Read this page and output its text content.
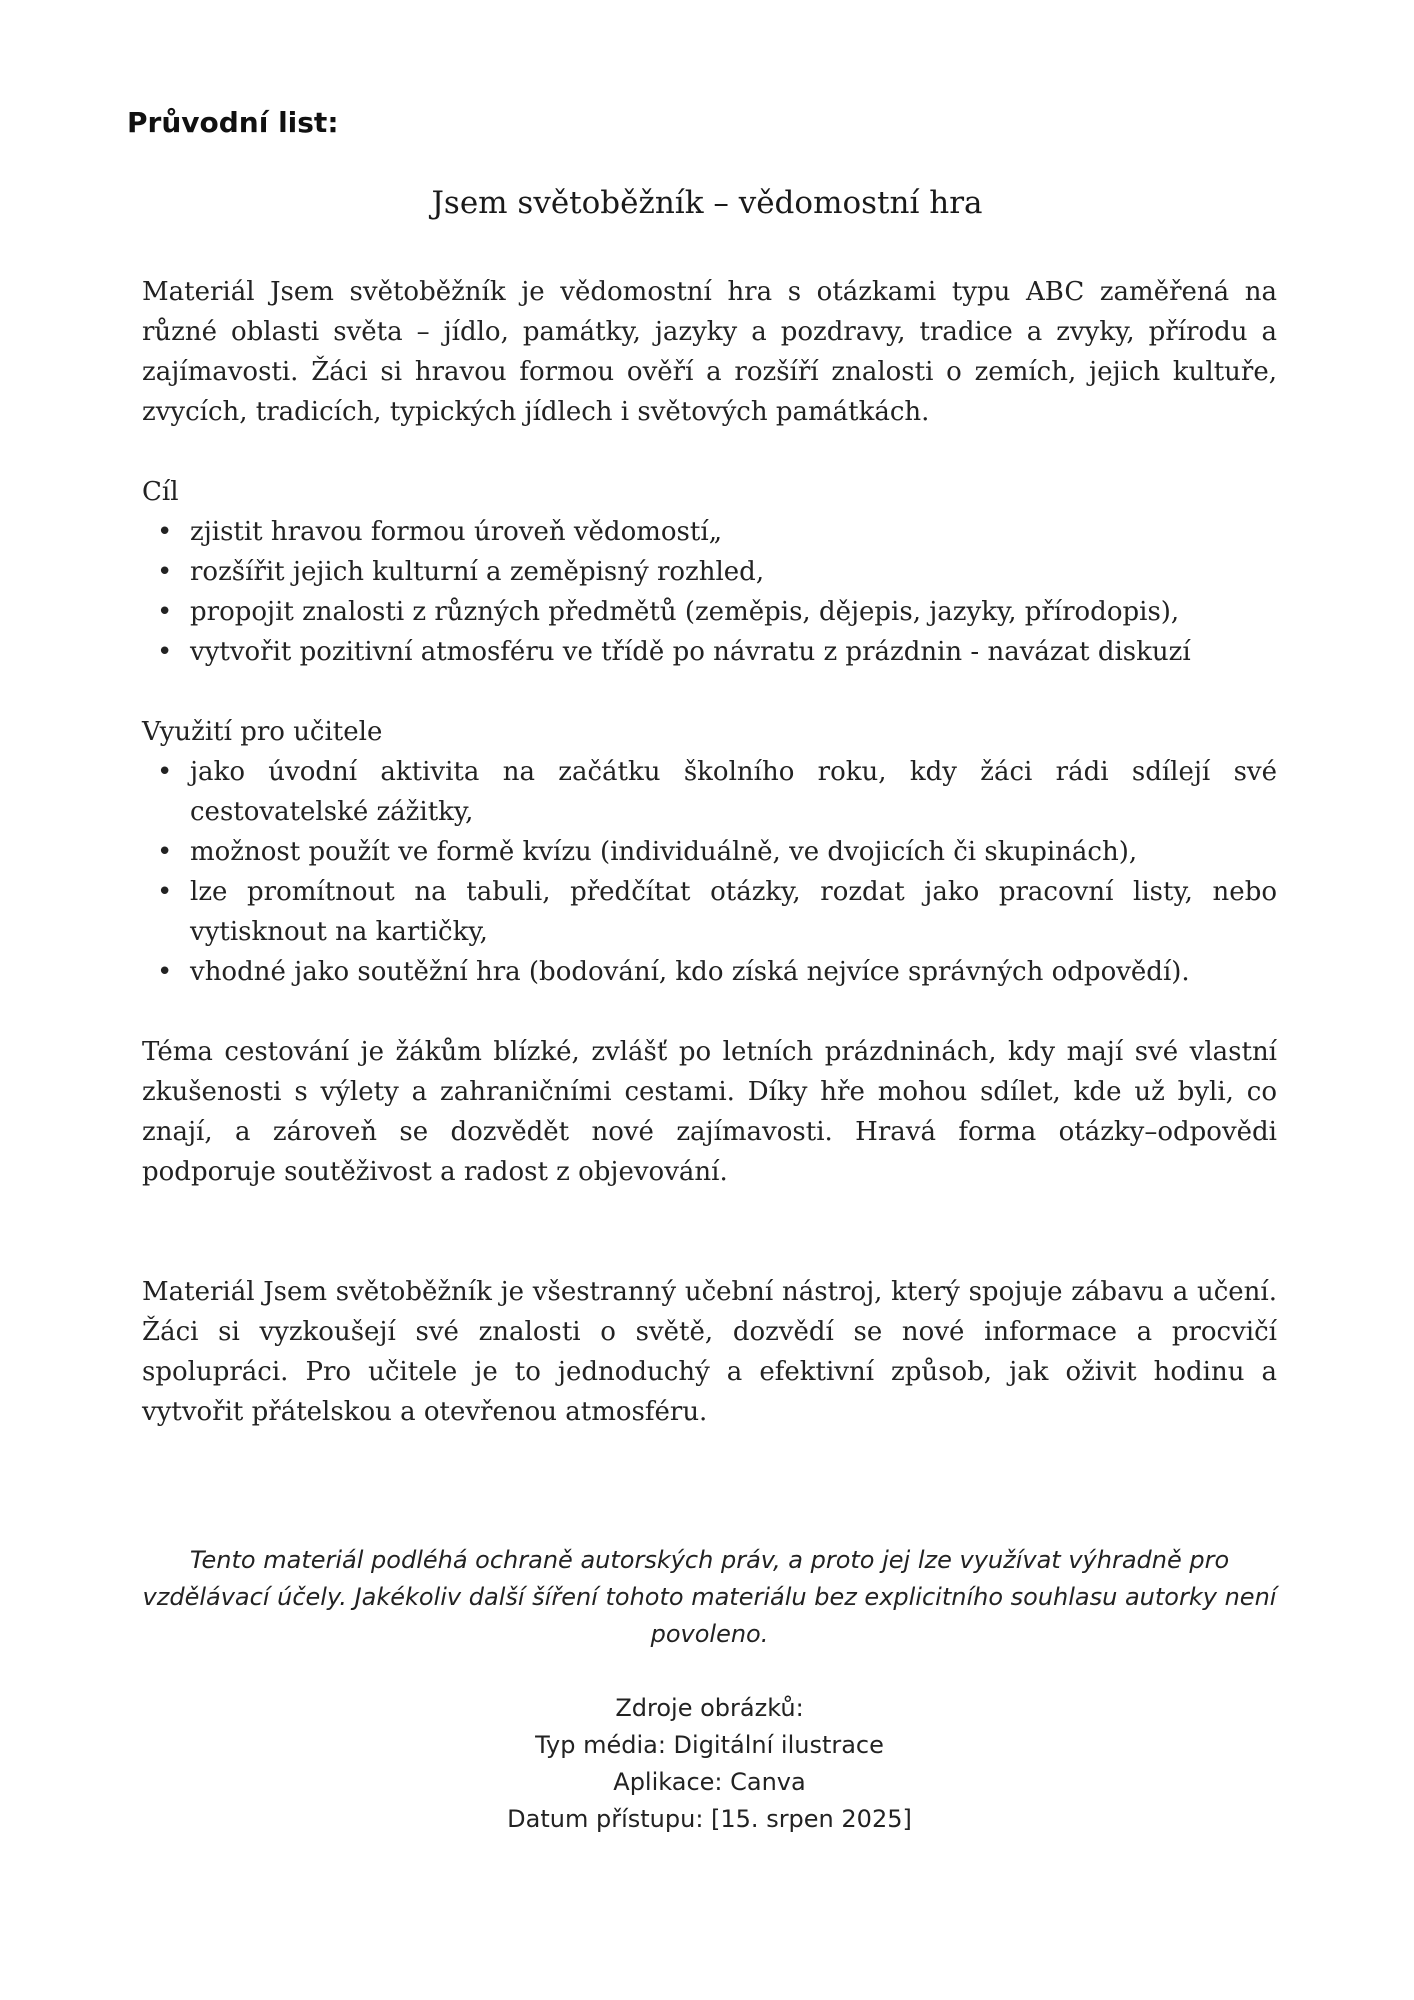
Průvodní list:
Jsem světoběžník – vědomostní hra

Materiál Jsem světoběžník je vědomostní hra s otázkami typu ABC zaměřená na různé oblasti světa – jídlo, památky, jazyky a pozdravy, tradice a zvyky, přírodu a zajímavosti. Žáci si hravou formou ověří a rozšíří znalosti o zemích, jejich kultuře, zvycích, tradicích, typických jídlech i světových památkách.

Cíl

• zjistit hravou formou úroveň vědomostí„
• rozšířit jejich kulturní a zeměpisný rozhled,
• propojit znalosti z různých předmětů (zeměpis, dějepis, jazyky, přírodopis),
• vytvořit pozitivní atmosféru ve třídě po návratu z prázdnin - navázat diskuzí

Využití pro učitele

• jako úvodní aktivita na začátku školního roku, kdy žáci rádi sdílejí své cestovatelské zážitky,
• možnost použít ve formě kvízu (individuálně, ve dvojicích či skupinách),
• lze promítnout na tabuli, předčítat otázky, rozdat jako pracovní listy, nebo vytisknout na kartičky,
• vhodné jako soutěžní hra (bodování, kdo získá nejvíce správných odpovědí).

Téma cestování je žákům blízké, zvlášť po letních prázdninách, kdy mají své vlastní zkušenosti s výlety a zahraničními cestami. Díky hře mohou sdílet, kde už byli, co znají, a zároveň se dozvědět nové zajímavosti. Hravá forma otázky–odpovědi podporuje soutěživost a radost z objevování.

Materiál Jsem světoběžník je všestranný učební nástroj, který spojuje zábavu a učení. Žáci si vyzkoušejí své znalosti o světě, dozvědí se nové informace a procvičí spolupráci. Pro učitele je to jednoduchý a efektivní způsob, jak oživit hodinu a vytvořit přátelskou a otevřenou atmosféru.

Tento materiál podléhá ochraně autorských práv, a proto jej lze využívat výhradně pro vzdělávací účely. Jakékoliv další šíření tohoto materiálu bez explicitního souhlasu autorky není povoleno.

Zdroje obrázků:
Typ média: Digitální ilustrace
Aplikace: Canva
Datum přístupu: [15. srpen 2025]
